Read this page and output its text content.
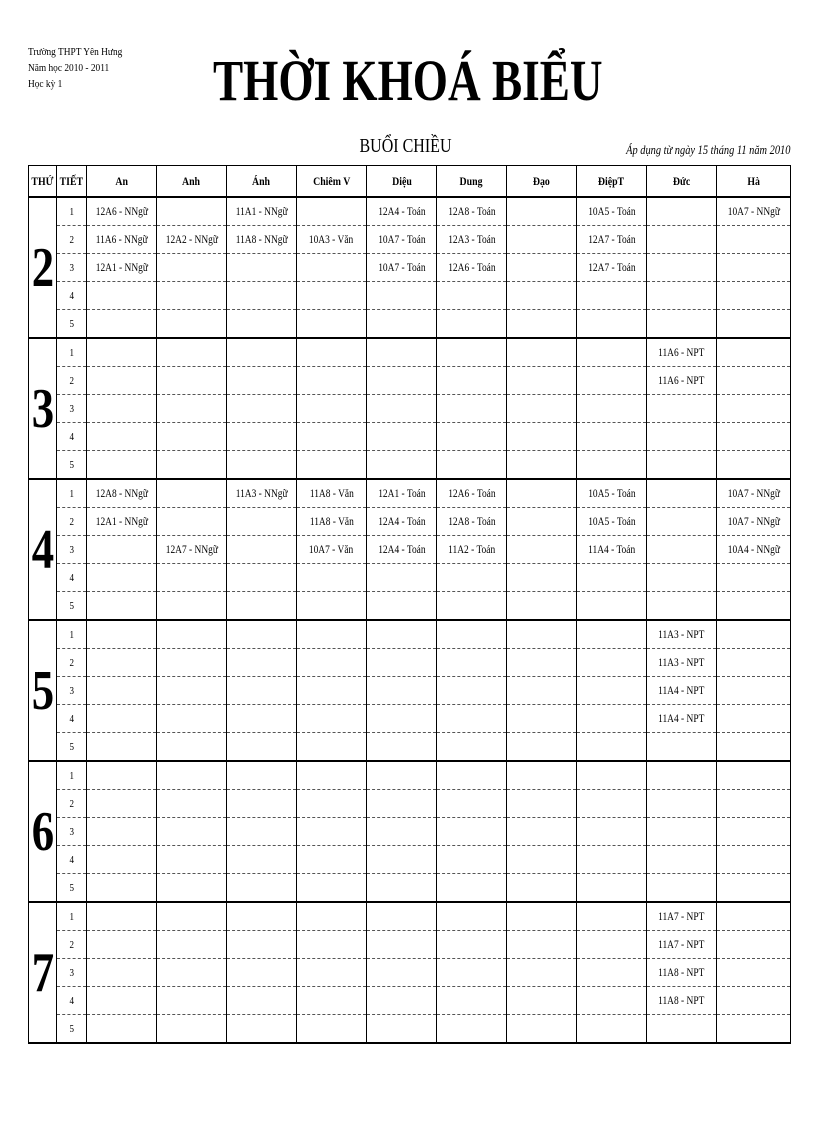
Trường THPT Yên Hưng
Năm học 2010 - 2011
Học kỳ 1	THỜI KHOÁ BIỂU
BUỔI CHIỀU	Áp dụng từ ngày 15 tháng 11 năm 2010
THỨ	TIẾT	An	Anh	Ánh	Chiêm V	Diệu	Dung	Đạo	ĐiệpT	Đức	Hà
2	1	12A6 - NNgữ		11A1 - NNgữ		12A4 - Toán	12A8 - Toán		10A5 - Toán		10A7 - NNgữ
	2	11A6 - NNgữ	12A2 - NNgữ	11A8 - NNgữ	10A3 - Văn	10A7 - Toán	12A3 - Toán		12A7 - Toán		
	3	12A1 - NNgữ				10A7 - Toán	12A6 - Toán		12A7 - Toán		
	4										
	5										
3	1									11A6 - NPT	
	2									11A6 - NPT	
	3										
	4										
	5										
4	1	12A8 - NNgữ		11A3 - NNgữ	11A8 - Văn	12A1 - Toán	12A6 - Toán		10A5 - Toán		10A7 - NNgữ
	2	12A1 - NNgữ			11A8 - Văn	12A4 - Toán	12A8 - Toán		10A5 - Toán		10A7 - NNgữ
	3		12A7 - NNgữ		10A7 - Văn	12A4 - Toán	11A2 - Toán		11A4 - Toán		10A4 - NNgữ
	4										
	5										
5	1									11A3 - NPT	
	2									11A3 - NPT	
	3									11A4 - NPT	
	4									11A4 - NPT	
	5										
6	1										
	2										
	3										
	4										
	5										
7	1									11A7 - NPT	
	2									11A7 - NPT	
	3									11A8 - NPT	
	4									11A8 - NPT	
	5										
